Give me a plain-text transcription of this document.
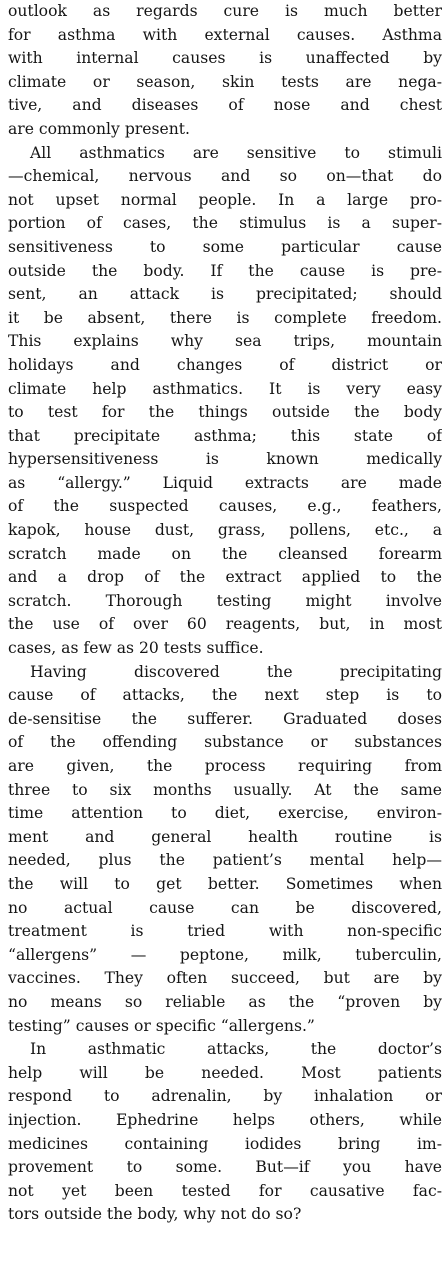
outlook as regards cure is much better
for asthma with external causes. Asthma
with internal causes is unaffected by
climate or season, skin tests are nega-
tive, and diseases of nose and chest
are commonly present.
All asthmatics are sensitive to stimuli
—chemical, nervous and so on—that do
not upset normal people. In a large pro-
portion of cases, the stimulus is a super-
sensitiveness to some particular cause
outside the body. If the cause is pre-
sent, an attack is precipitated; should
it be absent, there is complete freedom.
This explains why sea trips, mountain
holidays and changes of district or
climate help asthmatics. It is very easy
to test for the things outside the body
that precipitate asthma; this state of
hypersensitiveness is known medically
as “allergy.” Liquid extracts are made
of the suspected causes, e.g., feathers,
kapok, house dust, grass, pollens, etc., a
scratch made on the cleansed forearm
and a drop of the extract applied to the
scratch. Thorough testing might involve
the use of over 60 reagents, but, in most
cases, as few as 20 tests suffice.
Having discovered the precipitating
cause of attacks, the next step is to
de-sensitise the sufferer. Graduated doses
of the offending substance or substances
are given, the process requiring from
three to six months usually. At the same
time attention to diet, exercise, environ-
ment and general health routine is
needed, plus the patient’s mental help—
the will to get better. Sometimes when
no actual cause can be discovered,
treatment is tried with non-specific
“allergens” — peptone, milk, tuberculin,
vaccines. They often succeed, but are by
no means so reliable as the “proven by
testing” causes or specific “allergens.”
In asthmatic attacks, the doctor’s
help will be needed. Most patients
respond to adrenalin, by inhalation or
injection. Ephedrine helps others, while
medicines containing iodides bring im-
provement to some. But—if you have
not yet been tested for causative fac-
tors outside the body, why not do so?
